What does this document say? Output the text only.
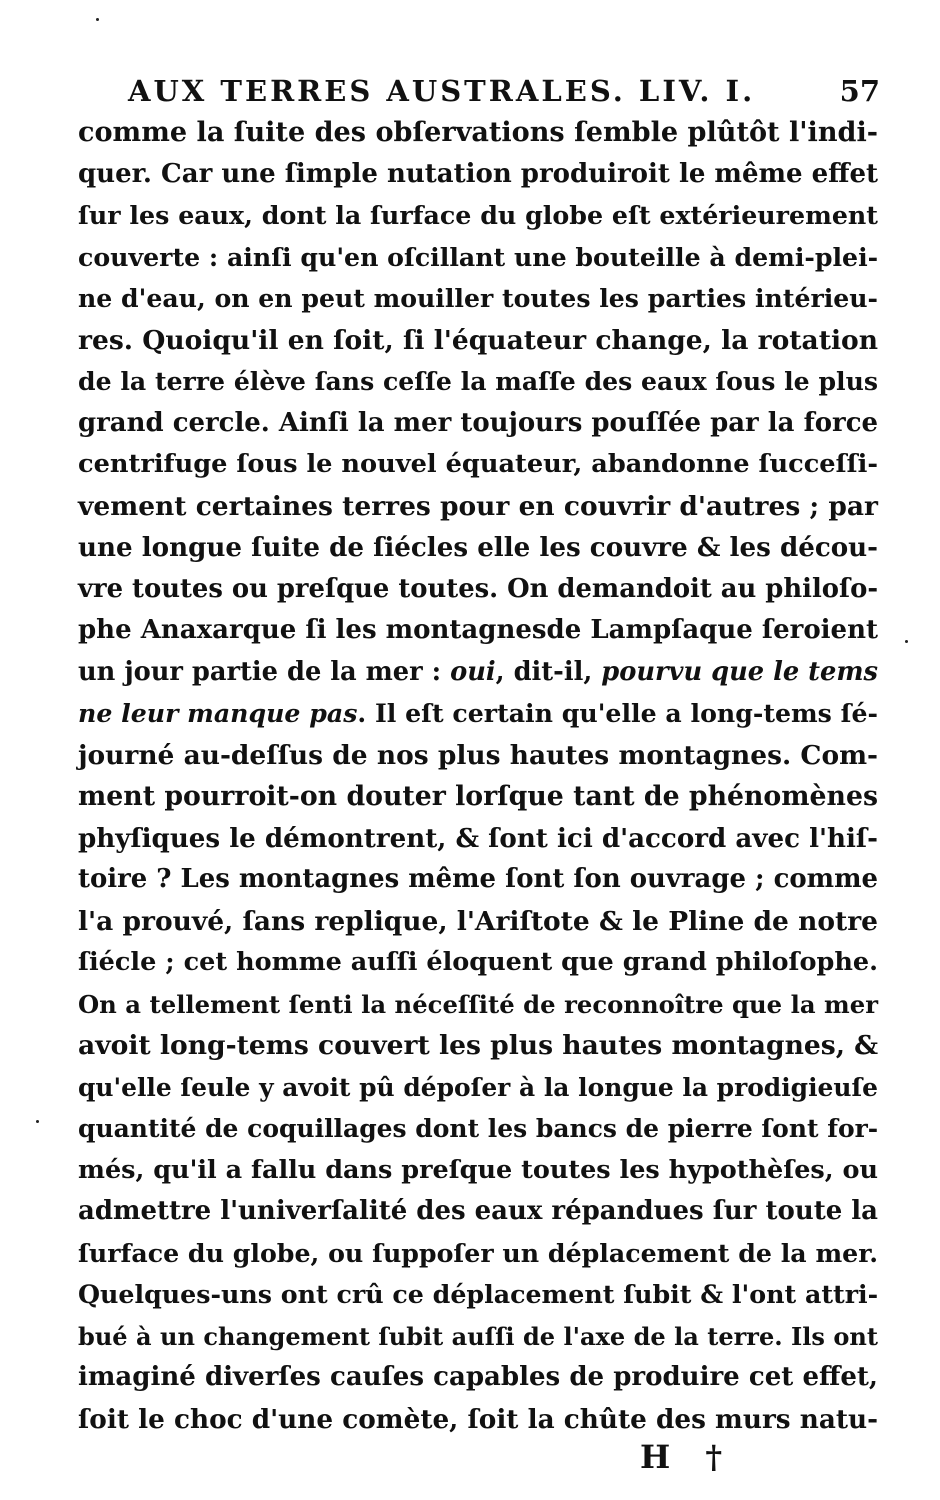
AUX TERRES AUSTRALES. LIV. I.	57
comme la ſuite des obſervations ſemble plûtôt l'indi-
quer. Car une ſimple nutation produiroit le même effet
ſur les eaux, dont la ſurface du globe eſt extérieurement
couverte : ainſi qu'en oſcillant une bouteille à demi-plei-
ne d'eau, on en peut mouiller toutes les parties intérieu-
res. Quoiqu'il en ſoit, ſi l'équateur change, la rotation
de la terre élève ſans ceſſe la maſſe des eaux ſous le plus
grand cercle. Ainſi la mer toujours pouſſée par la force
centrifuge ſous le nouvel équateur, abandonne ſucceſſi-
vement certaines terres pour en couvrir d'autres ; par
une longue ſuite de ſiécles elle les couvre & les décou-
vre toutes ou preſque toutes. On demandoit au philoſo-
phe Anaxarque ſi les montagnesde Lampſaque ſeroient
un jour partie de la mer : oui, dit-il, pourvu que le tems
ne leur manque pas. Il eſt certain qu'elle a long-tems ſé-
journé au-deſſus de nos plus hautes montagnes. Com-
ment pourroit-on douter lorſque tant de phénomènes
phyſiques le démontrent, & ſont ici d'accord avec l'hiſ-
toire ? Les montagnes même ſont ſon ouvrage ; comme
l'a prouvé, ſans replique, l'Ariſtote & le Pline de notre
ſiécle ; cet homme auſſi éloquent que grand philoſophe.
On a tellement ſenti la néceſſité de reconnoître que la mer
avoit long-tems couvert les plus hautes montagnes, &
qu'elle ſeule y avoit pû dépoſer à la longue la prodigieuſe
quantité de coquillages dont les bancs de pierre ſont for-
més, qu'il a fallu dans preſque toutes les hypothèſes, ou
admettre l'univerſalité des eaux répandues ſur toute la
ſurface du globe, ou ſuppoſer un déplacement de la mer.
Quelques-uns ont crû ce déplacement ſubit & l'ont attri-
bué à un changement ſubit auſſi de l'axe de la terre. Ils ont
imaginé diverſes cauſes capables de produire cet effet,
ſoit le choc d'une comète, ſoit la chûte des murs natu-
H †
